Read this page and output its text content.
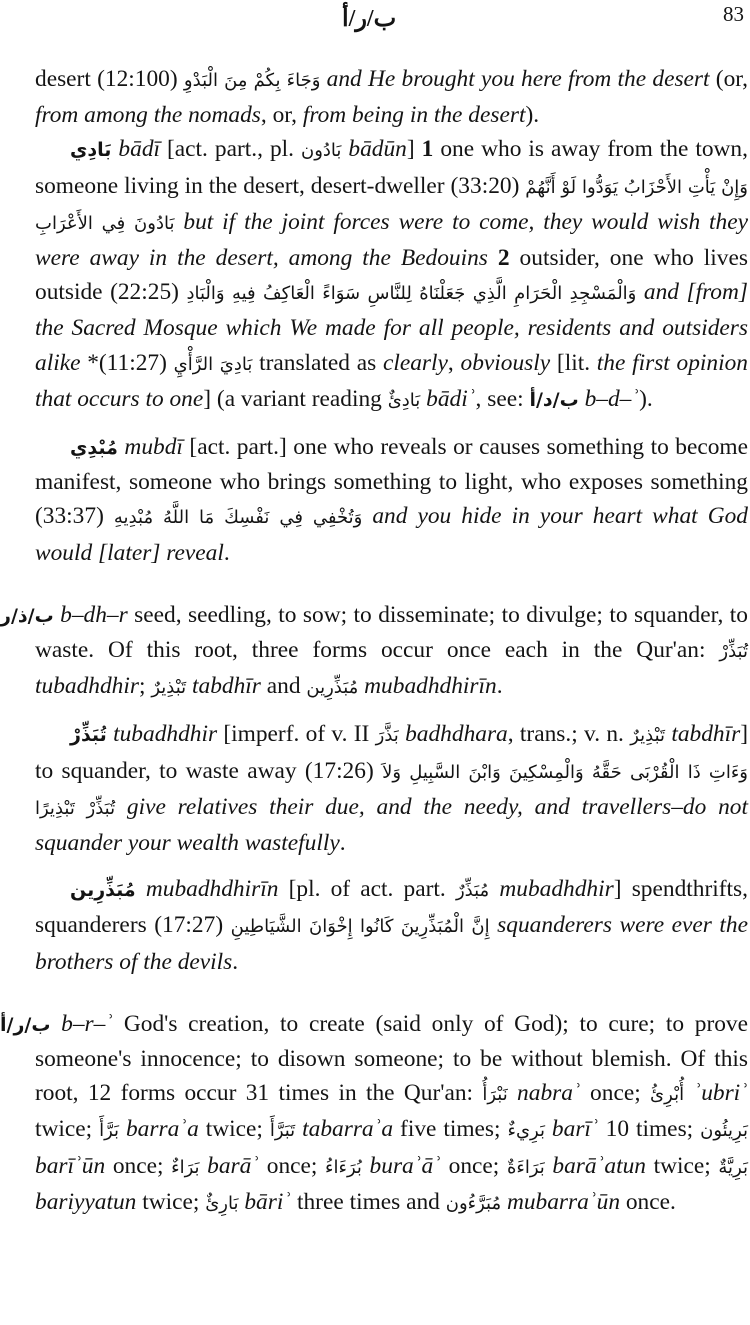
83
ب/ر/أ

desert (12:100) وَجَاءَ بِكُمْ مِنَ الْبَدْوِ and He brought you here from the desert (or, from among the nomads, or, from being in the desert).

بَادِي bādī [act. part., pl. بَادُون bādūn] 1 one who is away from the town, someone living in the desert, desert-dweller (33:20) وَإِنْ يَأْتِ الأَحْزَابُ يَوَدُّوا لَوْ أَنَّهُمْ بَادُونَ فِي الأَعْرَابِ but if the joint forces were to come, they would wish they were away in the desert, among the Bedouins 2 outsider, one who lives outside (22:25) وَالْمَسْجِدِ الْحَرَامِ الَّذِي جَعَلْنَاهُ لِلنَّاسِ سَوَاءً الْعَاكِفُ فِيهِ وَالْبَادِ and [from] the Sacred Mosque which We made for all people, residents and outsiders alike *(11:27) بَادِيَ الرَّأْيِ translated as clearly, obviously [lit. the first opinion that occurs to one] (a variant reading بَادِئٌ bādiʾ, see: ب/د/أ b–d–ʾ).

مُبْدِي mubdī [act. part.] one who reveals or causes something to become manifest, someone who brings something to light, who exposes something (33:37) وَتُخْفِي فِي نَفْسِكَ مَا اللَّهُ مُبْدِيهِ and you hide in your heart what God would [later] reveal.

ب/ذ/ر b–dh–r seed, seedling, to sow; to disseminate; to divulge; to squander, to waste. Of this root, three forms occur once each in the Qur'an: تُبَذِّرْ tubadhdhir; تَبْذِيرٌ tabdhīr and مُبَذِّرِين mubadhdhirīn.

تُبَذِّرْ tubadhdhir [imperf. of v. II بَذَّرَ badhdhara, trans.; v. n. تَبْذِيرٌ tabdhīr] to squander, to waste away (17:26) وَءَاتِ ذَا الْقُرْبَى حَقَّهُ وَالْمِسْكِينَ وَابْنَ السَّبِيلِ وَلاَ تُبَذِّرْ تَبْذِيرًا give relatives their due, and the needy, and travellers–do not squander your wealth wastefully.

مُبَذِّرِين mubadhdhirīn [pl. of act. part. مُبَذِّرٌ mubadhdhir] spendthrifts, squanderers (17:27) إِنَّ الْمُبَذِّرِينَ كَانُوا إِخْوَانَ الشَّيَاطِينِ squanderers were ever the brothers of the devils.

ب/ر/أ b–r–ʾ God's creation, to create (said only of God); to cure; to prove someone's innocence; to disown someone; to be without blemish. Of this root, 12 forms occur 31 times in the Qur'an: نَبْرَأُ nabraʾ once; أُبْرِئُ ʾubriʾ twice; بَرَّأَ barraʾa twice; تَبَرَّأَ tabarraʾa five times; بَرِيءٌ barīʾ 10 times; بَرِيئُون barīʾūn once; بَرَاءٌ barāʾ once; بُرَءَاءُ buraʾāʾ once; بَرَاءَةٌ barāʾatun twice; بَرِيَّةٌ bariyyatun twice; بَارِئٌ bāriʾ three times and مُبَرَّءُون mubarraʾūn once.
